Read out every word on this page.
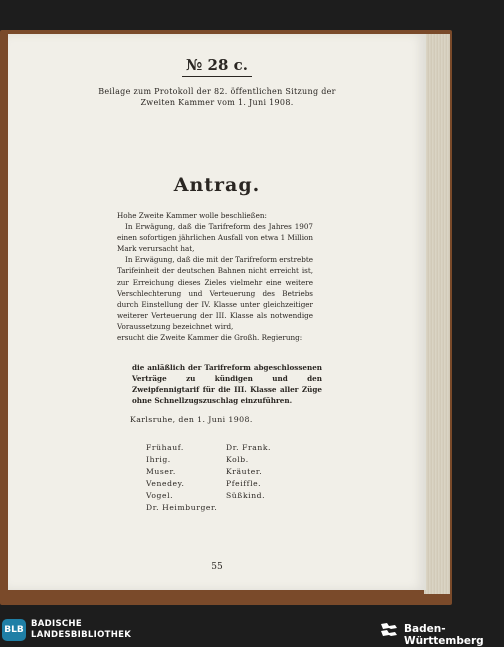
№ 28 c.
Beilage zum Protokoll der 82. öffentlichen Sitzung der
Zweiten Kammer vom 1. Juni 1908.
Antrag.

Hohe Zweite Kammer wolle beschließen:

In Erwägung, daß die Tarifreform des Jahres 1907 einen sofortigen jährlichen Ausfall von etwa 1 Million Mark verursacht hat,

In Erwägung, daß die mit der Tarifreform erstrebte Tarifeinheit der deutschen Bahnen nicht erreicht ist, zur Erreichung dieses Zieles vielmehr eine weitere Verschlechterung und Verteuerung des Betriebs durch Einstellung der IV. Klasse unter gleichzeitiger weiterer Verteuerung der III. Klasse als notwendige Voraussetzung bezeichnet wird,

ersucht die Zweite Kammer die Großh. Regierung:

die anläßlich der Tarifreform abgeschlossenen Verträge zu kündigen und den Zweipfennigtarif für die III. Klasse aller Züge ohne Schnellzugszuschlag einzuführen.
Karlsruhe, den 1. Juni 1908.
Frühauf.
Ihrig.
Muser.
Venedey.
Vogel.
Dr. Heimburger.
Dr. Frank.
Kolb.
Kräuter.
Pfeiffle.
Süßkind.
55
BLB
BADISCHE
LANDESBIBLIOTHEK	Baden-Württemberg
